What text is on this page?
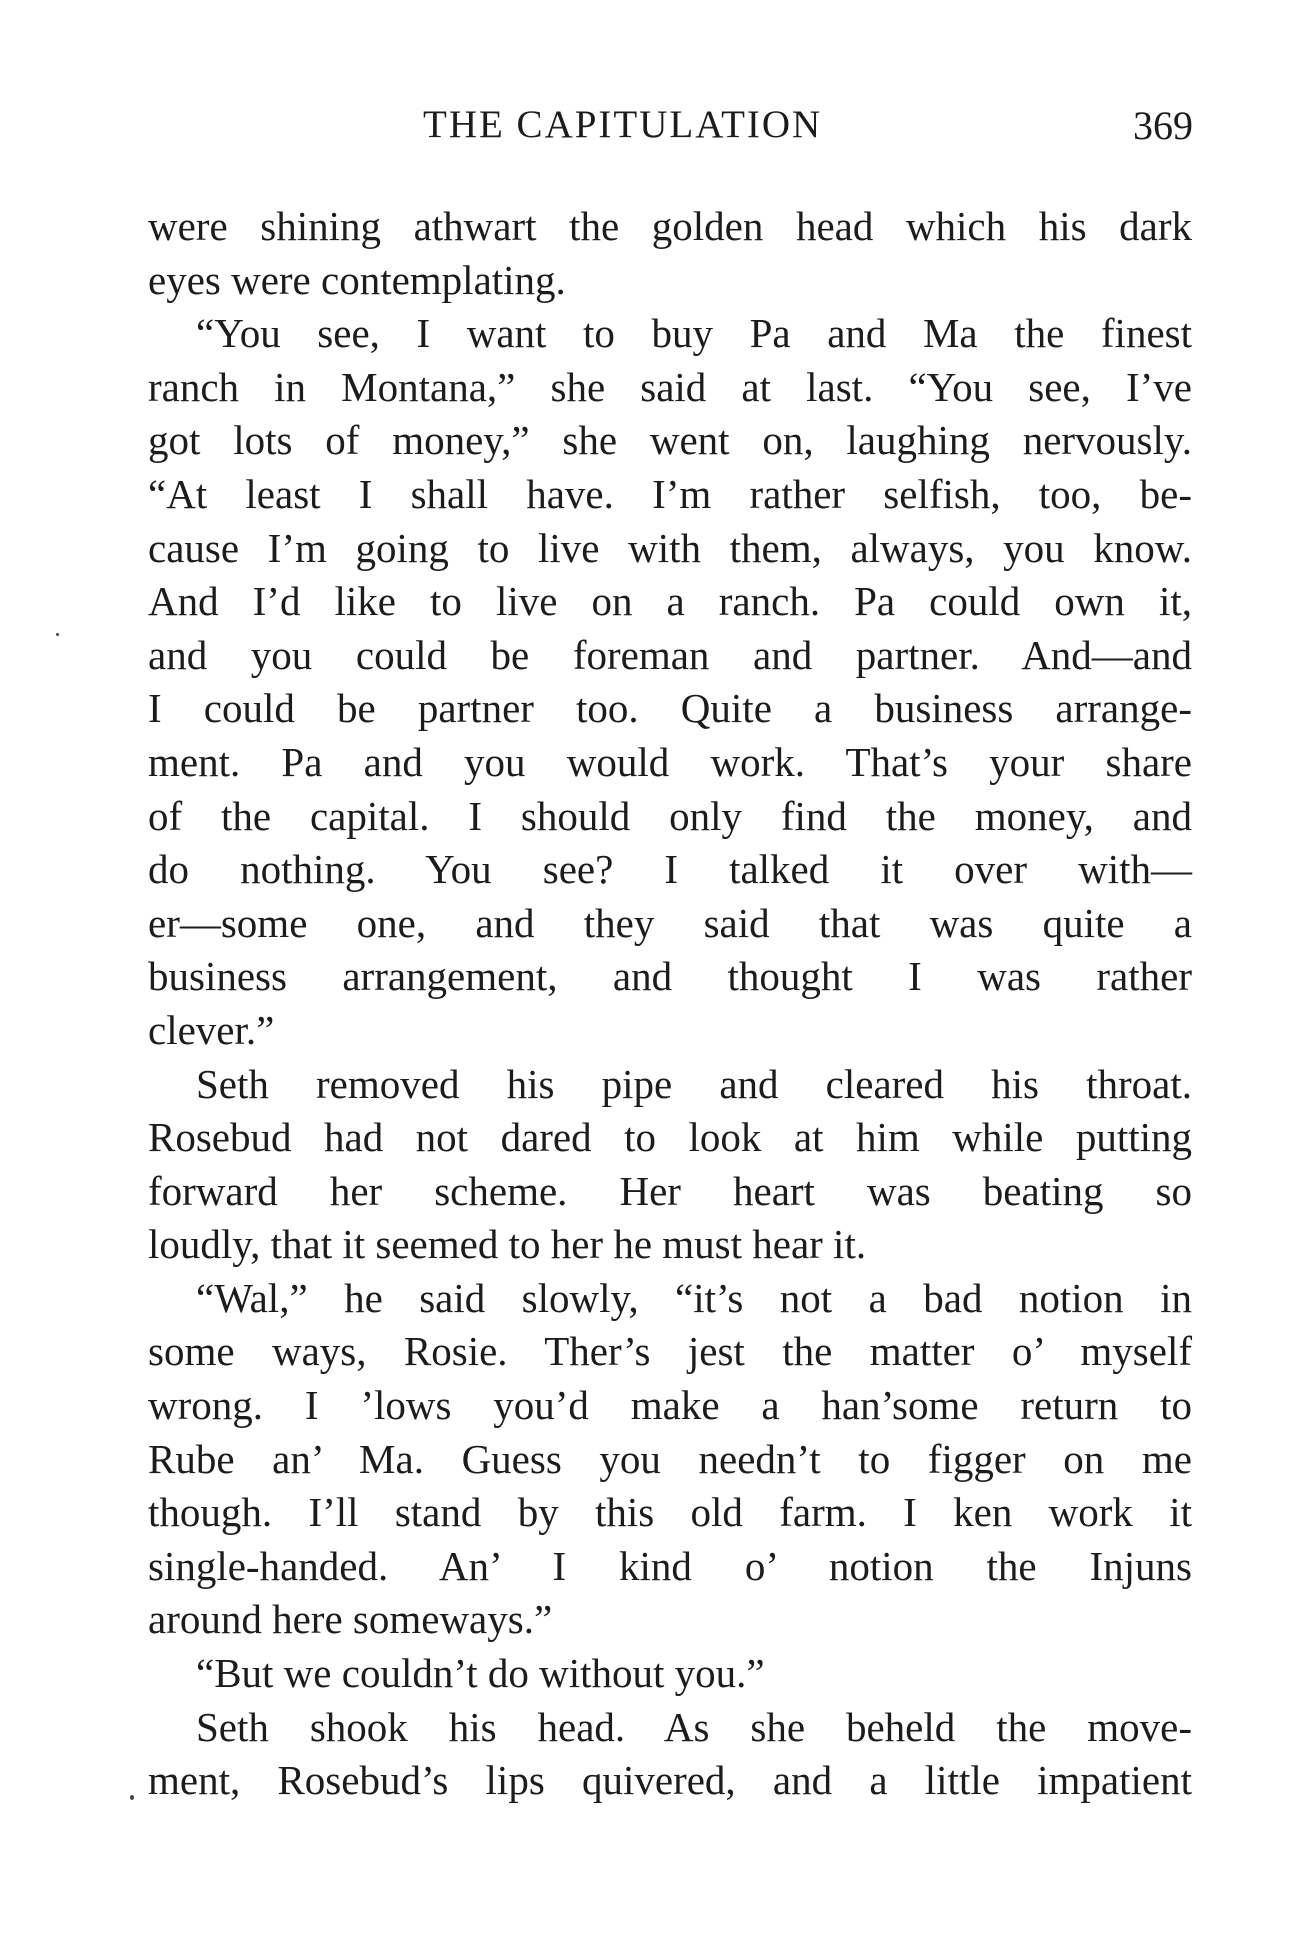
THE CAPITULATION	369
were shining athwart the golden head which his dark
eyes were contemplating.
“You see, I want to buy Pa and Ma the finest
ranch in Montana,” she said at last. “You see, I’ve
got lots of money,” she went on, laughing nervously.
“At least I shall have. I’m rather selfish, too, be-
cause I’m going to live with them, always, you know.
And I’d like to live on a ranch. Pa could own it,
and you could be foreman and partner. And—and
I could be partner too. Quite a business arrange-
ment. Pa and you would work. That’s your share
of the capital. I should only find the money, and
do nothing. You see? I talked it over with—
er—some one, and they said that was quite a
business arrangement, and thought I was rather
clever.”
Seth removed his pipe and cleared his throat.
Rosebud had not dared to look at him while putting
forward her scheme. Her heart was beating so
loudly, that it seemed to her he must hear it.
“Wal,” he said slowly, “it’s not a bad notion in
some ways, Rosie. Ther’s jest the matter o’ myself
wrong. I ’lows you’d make a han’some return to
Rube an’ Ma. Guess you needn’t to figger on me
though. I’ll stand by this old farm. I ken work it
single-handed. An’ I kind o’ notion the Injuns
around here someways.”
“But we couldn’t do without you.”
Seth shook his head. As she beheld the move-
ment, Rosebud’s lips quivered, and a little impatient
